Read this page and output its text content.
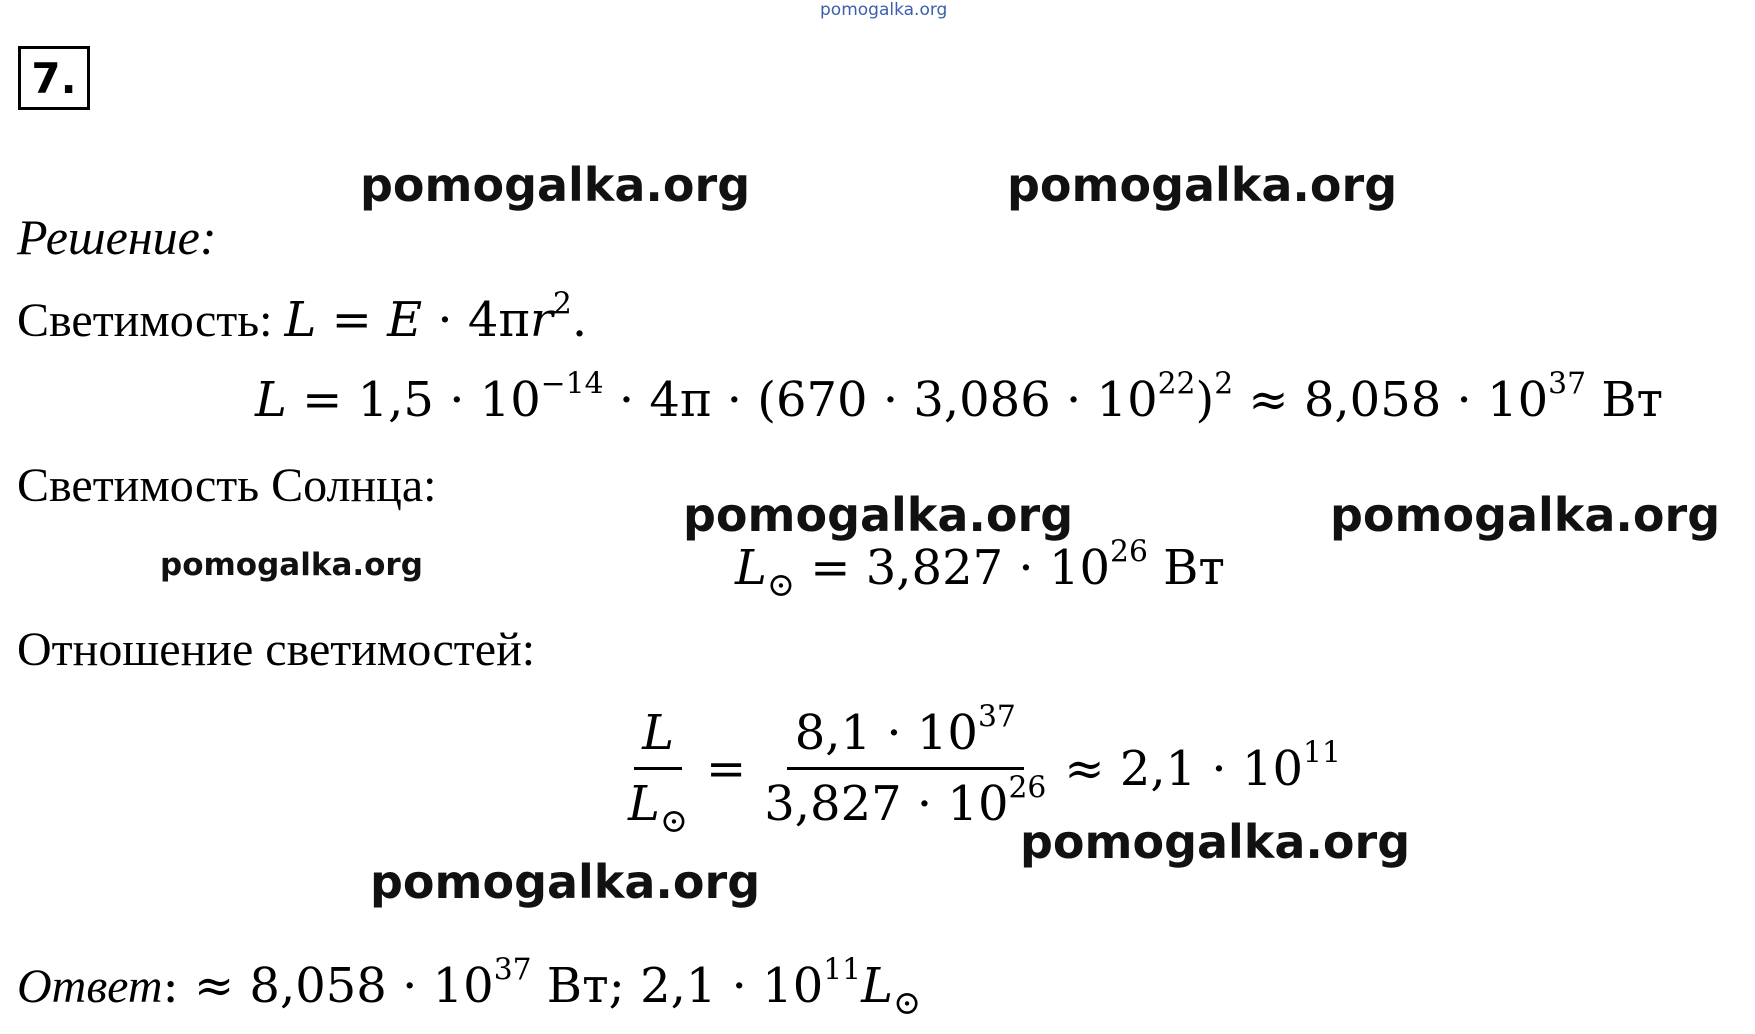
pomogalka.org
7.
pomogalka.org	pomogalka.org
Решение:
Светимость: $L = E \cdot 4\pi r^2$.
$L = 1,5 \cdot 10^{-14} \cdot 4\pi \cdot (670 \cdot 3,086 \cdot 10^{22})^2 \approx 8,058 \cdot 10^{37}$ Вт
Светимость Солнца:
pomogalka.org	pomogalka.org
pomogalka.org	$L_⊙ = 3,827 \cdot 10^{26}$ Вт
Отношение светимостей:
$\frac{L}{L_⊙} = \frac{8,1 \cdot 10^{37}}{3,827 \cdot 10^{26}} \approx 2,1 \cdot 10^{11}$
pomogalka.org
pomogalka.org
Ответ: ≈ $8,058 \cdot 10^{37}$ Вт; $2,1 \cdot 10^{11}L_⊙$
